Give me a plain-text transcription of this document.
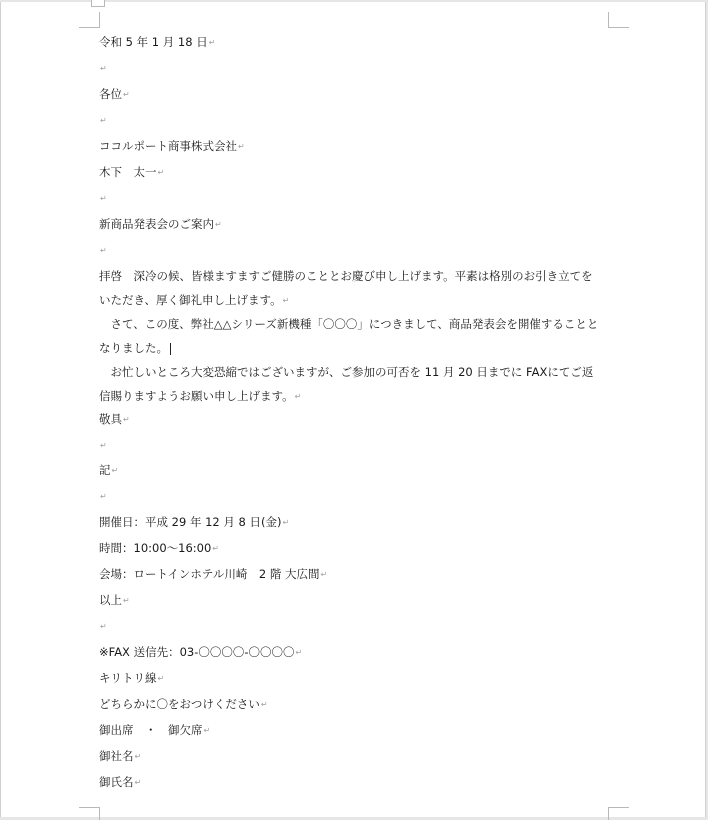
令和 5 年 1 月 18 日↵
↵
各位↵
↵
ココルポート商事株式会社↵
木下　太一↵
↵
新商品発表会のご案内↵
↵
拝啓　深冷の候、皆様ますますご健勝のこととお慶び申し上げます。平素は格別のお引き立てをいただき、厚く御礼申し上げます。↵
　さて、この度、弊社△△シリーズ新機種「〇〇〇」につきまして、商品発表会を開催することとなりました。
　お忙しいところ大変恐縮ではございますが、ご参加の可否を 11 月 20 日までに FAXにてご返信賜りますようお願い申し上げます。↵
敬具↵
↵
記↵
↵
開催日：平成 29 年 12 月 8 日(金)↵
時間：10:00～16:00↵
会場：ロートインホテル川崎　2 階 大広間↵
以上↵
↵
※FAX 送信先：03-〇〇〇〇-〇〇〇〇↵
キリトリ線↵
どちらかに〇をおつけください↵
御出席　・　御欠席↵
御社名↵
御氏名↵
